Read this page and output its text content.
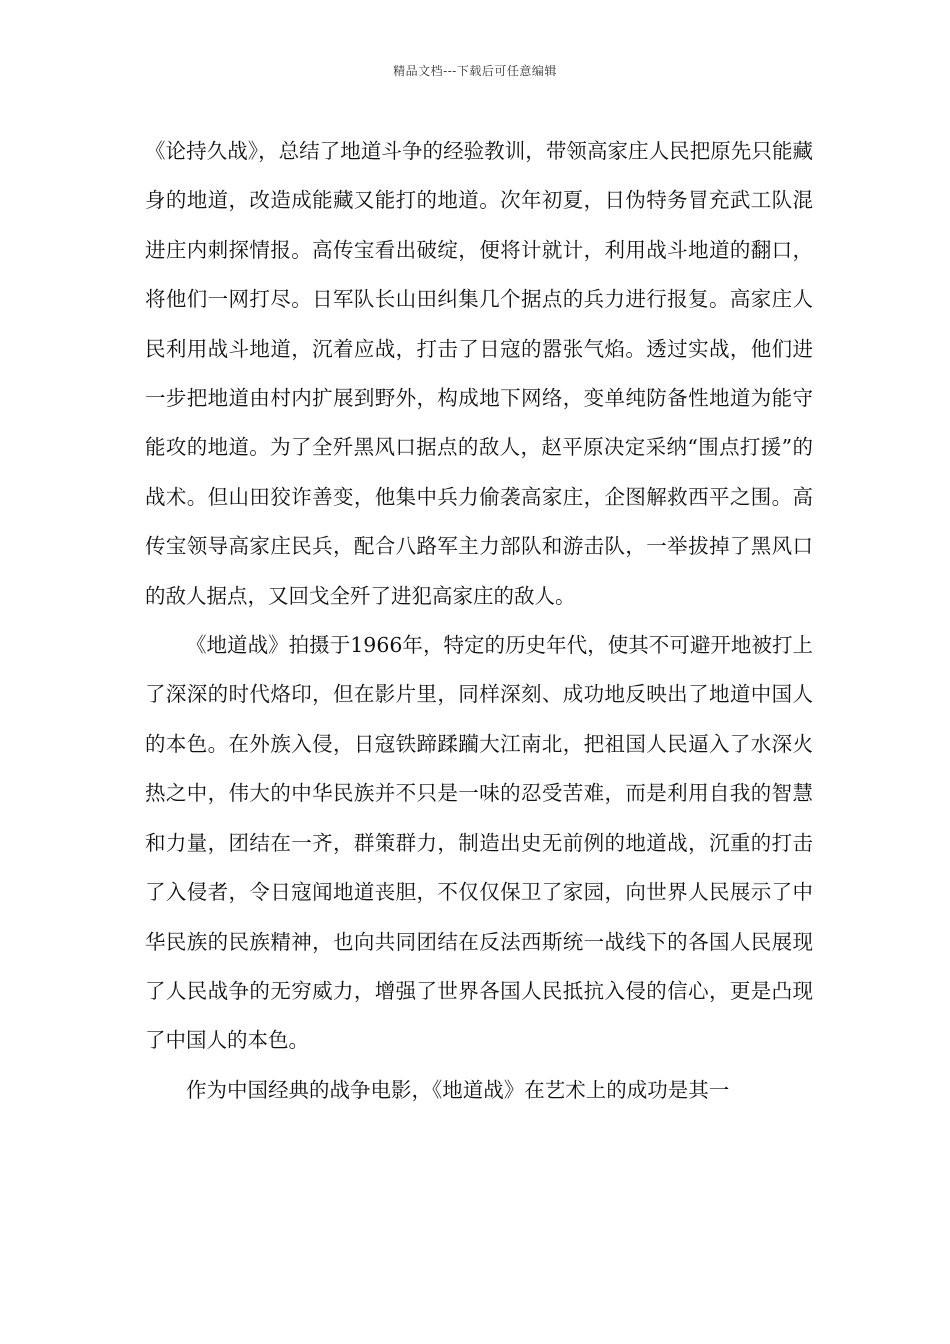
精品文档---下载后可任意编辑

《论持久战》，总结了地道斗争的经验教训，带领高家庄人民把原先只能藏身的地道，改造成能藏又能打的地道。次年初夏，日伪特务冒充武工队混进庄内刺探情报。高传宝看出破绽，便将计就计，利用战斗地道的翻口，将他们一网打尽。日军队长山田纠集几个据点的兵力进行报复。高家庄人民利用战斗地道，沉着应战，打击了日寇的嚣张气焰。透过实战，他们进一步把地道由村内扩展到野外，构成地下网络，变单纯防备性地道为能守能攻的地道。为了全歼黑风口据点的敌人，赵平原决定采纳“围点打援”的战术。但山田狡诈善变，他集中兵力偷袭高家庄，企图解救西平之围。高传宝领导高家庄民兵，配合八路军主力部队和游击队，一举拔掉了黑风口的敌人据点，又回戈全歼了进犯高家庄的敌人。

《地道战》拍摄于1966年，特定的历史年代，使其不可避开地被打上了深深的时代烙印，但在影片里，同样深刻、成功地反映出了地道中国人的本色。在外族入侵，日寇铁蹄蹂躏大江南北，把祖国人民逼入了水深火热之中，伟大的中华民族并不只是一味的忍受苦难，而是利用自我的智慧和力量，团结在一齐，群策群力，制造出史无前例的地道战，沉重的打击了入侵者，令日寇闻地道丧胆，不仅仅保卫了家园，向世界人民展示了中华民族的民族精神，也向共同团结在反法西斯统一战线下的各国人民展现了人民战争的无穷威力，增强了世界各国人民抵抗入侵的信心，更是凸现了中国人的本色。

作为中国经典的战争电影，《地道战》在艺术上的成功是其一
